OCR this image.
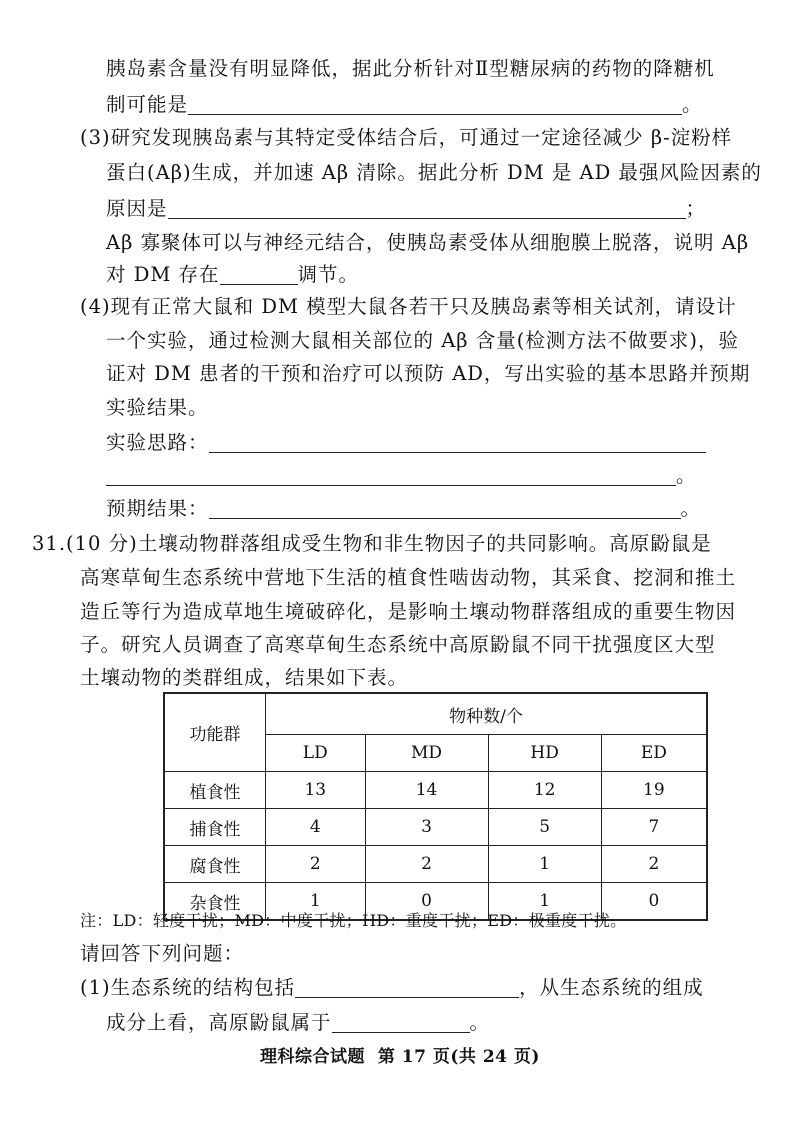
胰岛素含量没有明显降低，据此分析针对Ⅱ型糖尿病的药物的降糖机
制可能是	。
(3)研究发现胰岛素与其特定受体结合后，可通过一定途径减少 β-淀粉样
蛋白(Aβ)生成，并加速 Aβ 清除。据此分析 DM 是 AD 最强风险因素的
原因是	；
Aβ 寡聚体可以与神经元结合，使胰岛素受体从细胞膜上脱落，说明 Aβ
对 DM 存在	调节。
(4)现有正常大鼠和 DM 模型大鼠各若干只及胰岛素等相关试剂，请设计
一个实验，通过检测大鼠相关部位的 Aβ 含量(检测方法不做要求)，验
证对 DM 患者的干预和治疗可以预防 AD，写出实验的基本思路并预期
实验结果。
实验思路：
。
预期结果：	。
31.(10 分)土壤动物群落组成受生物和非生物因子的共同影响。高原鼢鼠是
高寒草甸生态系统中营地下生活的植食性啮齿动物，其采食、挖洞和推土
造丘等行为造成草地生境破碎化，是影响土壤动物群落组成的重要生物因
子。研究人员调查了高寒草甸生态系统中高原鼢鼠不同干扰强度区大型
土壤动物的类群组成，结果如下表。
功能群	物种数/个			
	LD	MD	HD	ED
植食性	13	14	12	19
捕食性	4	3	5	7
腐食性	2	2	1	2
杂食性	1	0	1	0
注：LD：轻度干扰；MD：中度干扰；HD：重度干扰；ED：极重度干扰。
请回答下列问题：
(1)生态系统的结构包括	，从生态系统的组成
成分上看，高原鼢鼠属于	。
理科综合试题 第 17 页(共 24 页)
